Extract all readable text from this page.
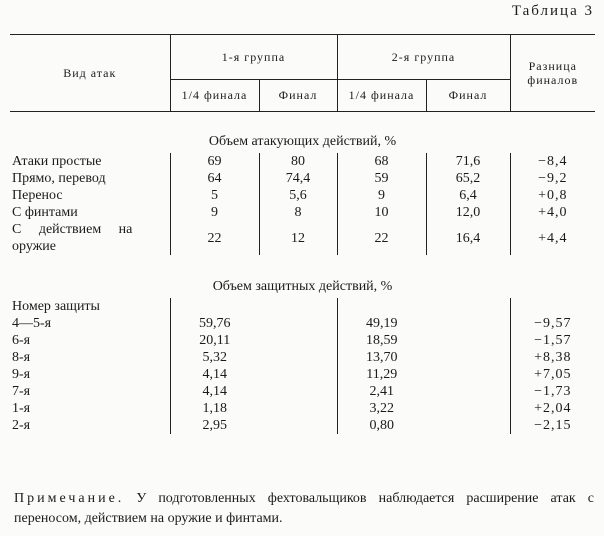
Таблица 3
Вид атак	1-я группа		2-я группа		Разница финалов
	1/4 финала	Финал	1/4 финала	Финал	
Объем атакующих действий, %					
Атаки простые	69	80	68	71,6	−8,4
Прямо, перевод	64	74,4	59	65,2	−9,2
Перенос	5	5,6	9	6,4	+0,8
С финтами	9	8	10	12,0	+4,0

С действием на
оружие	22	12	22	16,4	+4,4
Объем защитных действий, %					
Номер защиты					
4—5-я	59,76		49,19		−9,57
6-я	20,11		18,59		−1,57
8-я	5,32		13,70		+8,38
9-я	4,14		11,29		+7,05
7-я	4,14		2,41		−1,73
1-я	1,18		3,22		+2,04
2-я	2,95		0,80		−2,15
Примечание. У подготовленных фехтовальщиков наблюдается расширение атак с переносом, действием на оружие и финтами.
